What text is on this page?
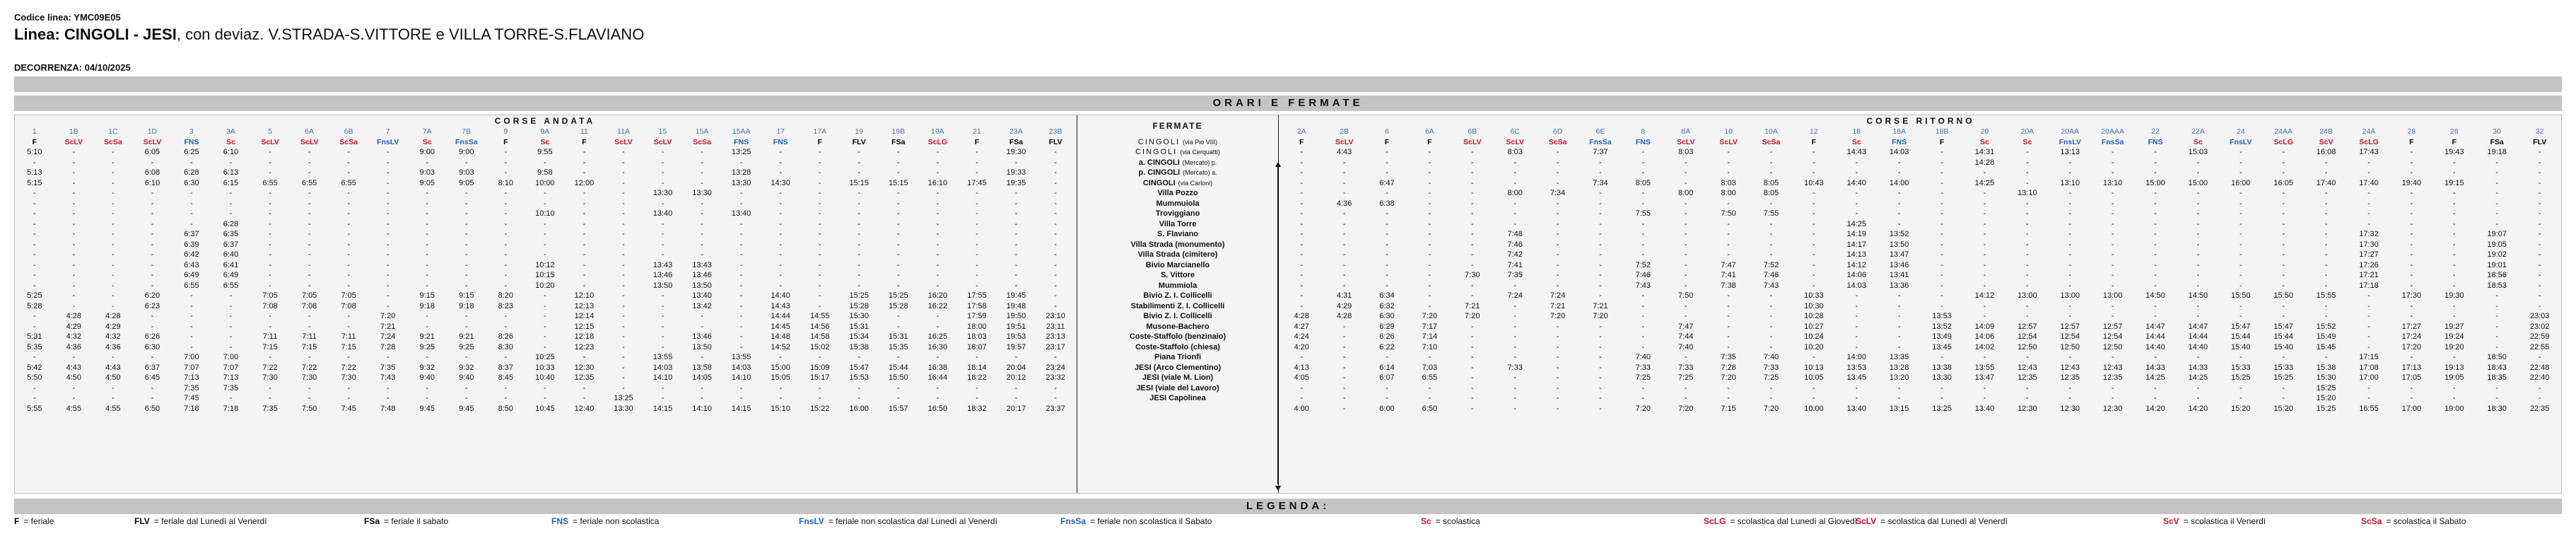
Codice linea: YMC09E05
Linea: CINGOLI - JESI, con deviaz. V.STRADA-S.VITTORE e VILLA TORRE-S.FLAVIANO
DECORRENZA: 04/10/2025
ORARI E FERMATE
CORSE ANDATA																										
1	1B	1C	1D	3	3A	5	6A	6B	7	7A	7B	9	9A	11	11A	15	15A	15AA	17	17A	19	19B	19A	21	23A	23B
F	ScLV	ScSa	ScLV	FNS	Sc	ScLV	ScLV	ScSa	FnsLV	Sc	FnsSa	F	Sc	F	ScLV	ScLV	ScSa	FNS	FNS	F	FLV	FSa	ScLG	F	FSa	FLV
5:10	-	-	6:05	6:25	6:10	-	-	-	-	9:00	9:00	-	9:55	-	-	-	-	13:25	-	-	-	-	-	-	19:30	-
-	-	-	-	-	-	-	-	-	-	-	-	-	-	-	-	-	-	-	-	-	-	-	-	-	-	-
5:13	-	-	6:08	6:28	6:13	-	-	-	-	9:03	9:03	-	9:58	-	-	-	-	13:28	-	-	-	-	-	-	19:33	-
5:15	-	-	6:10	6:30	6:15	6:55	6:55	6:55	-	9:05	9:05	8:10	10:00	12:00	-	-	-	13:30	14:30	-	15:15	15:15	16:10	17:45	19:35	-
-	-	-	-	-	-	-	-	-	-	-	-	-	-	-	-	13:30	13:30	-	-	-	-	-	-	-	-	-
-	-	-	-	-	-	-	-	-	-	-	-	-	-	-	-	-	-	-	-	-	-	-	-	-	-	-
-	-	-	-	-	-	-	-	-	-	-	-	-	10:10	-	-	13:40	-	13:40	-	-	-	-	-	-	-	-
-	-	-	-	-	6:28	-	-	-	-	-	-	-	-	-	-	-	-	-	-	-	-	-	-	-	-	-
-	-	-	-	6:37	6:35	-	-	-	-	-	-	-	-	-	-	-	-	-	-	-	-	-	-	-	-	-
-	-	-	-	6:39	6:37	-	-	-	-	-	-	-	-	-	-	-	-	-	-	-	-	-	-	-	-	-
-	-	-	-	6:42	6:40	-	-	-	-	-	-	-	-	-	-	-	-	-	-	-	-	-	-	-	-	-
-	-	-	-	6:43	6:41	-	-	-	-	-	-	-	10:12	-	-	13:43	13:43	-	-	-	-	-	-	-	-	-
-	-	-	-	6:49	6:49	-	-	-	-	-	-	-	10:15	-	-	13:46	13:46	-	-	-	-	-	-	-	-	-
-	-	-	-	6:55	6:55	-	-	-	-	-	-	-	10:20	-	-	13:50	13:50	-	-	-	-	-	-	-	-	-
5:25	-	-	6:20	-	-	7:05	7:05	7:05	-	9:15	9:15	8:20	-	12:10	-	-	13:40	-	14:40	-	15:25	15:25	16:20	17:55	19:45	-
5:28	-	-	6:23	-	-	7:08	7:08	7:08	-	9:18	9:18	8:23	-	12:13	-	-	13:42	-	14:43	-	15:28	15:28	16:22	17:58	19:48	-
-	4:28	4:28	-	-	-	-	-	-	7:20	-	-	-	-	12:14	-	-	-	-	14:44	14:55	15:30	-	-	17:59	19:50	23:10
-	4:29	4:29	-	-	-	-	-	-	7:21	-	-	-	-	12:15	-	-	-	-	14:45	14:56	15:31	-	-	18:00	19:51	23:11
5:31	4:32	4:32	6:26	-	-	7:11	7:11	7:11	7:24	9:21	9:21	8:26	-	12:18	-	-	13:46	-	14:48	14:58	15:34	15:31	16:25	18:03	19:53	23:13
5:35	4:36	4:36	6:30	-	-	7:15	7:15	7:15	7:28	9:25	9:25	8:30	-	12:23	-	-	13:50	-	14:52	15:02	15:38	15:35	16:30	18:07	19:57	23:17
-	-	-	-	7:00	7:00	-	-	-	-	-	-	-	10:25	-	-	13:55	-	13:55	-	-	-	-	-	-	-	-
5:42	4:43	4:43	6:37	7:07	7:07	7:22	7:22	7:22	7:35	9:32	9:32	8:37	10:33	12:30	-	14:03	13:58	14:03	15:00	15:09	15:47	15:44	16:38	18:14	20:04	23:24
5:50	4:50	4:50	6:45	7:13	7:13	7:30	7:30	7:30	7:43	9:40	9:40	8:45	10:40	12:35	-	14:10	14:05	14:10	15:05	15:17	15:53	15:50	16:44	18:22	20:12	23:32
-	-	-	-	7:35	7:35	-	-	-	-	-	-	-	-	-	-	-	-	-	-	-	-	-	-	-	-	-
-	-	-	-	7:45	-	-	-	-	-	-	-	-	-	-	13:25	-	-	-	-	-	-	-	-	-	-	-
5:55	4:55	4:55	6:50	7:18	7:18	7:35	7:50	7:45	7:48	9:45	9:45	8:50	10:45	12:40	13:30	14:15	14:10	14:15	15:10	15:22	16:00	15:57	16:50	18:32	20:17	23:37
FERMATE
CINGOLI (via Pio VIII)
CINGOLI (via Cerquatti)
a. CINGOLI (Mercato) p.
p. CINGOLI (Mercato) a.
CINGOLI (via Carloni)
Villa Pozzo
Mummuiola
Troviggiano
Villa Torre
S. Flaviano
Villa Strada (monumento)
Villa Strada (cimitero)
Bivio Marcianello
S. Vittore
Mummiola
Bivio Z. I. Collicelli
Stabilimenti Z. I. Collicelli
Bivio Z. I. Collicelli
Musone-Bachero
Coste-Staffolo (benzinaio)
Coste-Staffolo (chiesa)
Piana Trionfi
JESI (Arco Clementino)
JESI (viale M. Lion)
JESI (viale del Lavoro)
JESI Capolinea
CORSE RITORNO																													
2A	2B	6	6A	6B	6C	6D	6E	8	8A	10	10A	12	18	18A	18B	20	20A	20AA	20AAA	22	22A	24	24AA	24B	24A	28	28	30	32
F	ScLV	F	F	ScLV	ScLV	ScSa	FnsSa	FNS	ScLV	ScLV	ScSa	F	Sc	FNS	F	Sc	Sc	FnsLV	FnsSa	FNS	Sc	FnsLV	ScLG	ScV	ScLG	F	F	FSa	FLV
-	4:43	-	-	-	8:03	-	7:37	-	8:03	-	-	-	14:43	14:03	-	14:31	-	13:13	-	-	15:03	-	-	16:08	17:43	-	19:43	19:18	-
-	-	-	-	-	-	-	-	-	-	-	-	-	-	-	-	14:28	-	-	-	-	-	-	-	-	-	-	-	-	-
-	-	-	-	-	-	-	-	-	-	-	-	-	-	-	-	-	-	-	-	-	-	-	-	-	-	-	-	-	-
-	-	6:47	-	-	-	-	7:34	8:05	-	8:03	8:05	10:43	14:40	14:00	-	14:25	-	13:10	13:10	15:00	15:00	16:00	16:05	17:40	17:40	19:40	19:15	-	-
-	-	-	-	-	8:00	7:34	-	-	8:00	8:00	8:05	-	-	-	-	-	13:10	-	-	-	-	-	-	-	-	-	-	-	-
-	4:36	6:38	-	-	-	-	-	-	-	-	-	-	-	-	-	-	-	-	-	-	-	-	-	-	-	-	-	-	-
-	-	-	-	-	-	-	-	7:55	-	7:50	7:55	-	-	-	-	-	-	-	-	-	-	-	-	-	-	-	-	-	-
-	-	-	-	-	-	-	-	-	-	-	-	-	14:25	-	-	-	-	-	-	-	-	-	-	-	-	-	-	-	-
-	-	-	-	-	7:48	-	-	-	-	-	-	-	14:19	13:52	-	-	-	-	-	-	-	-	-	-	17:32	-	-	19:07	-
-	-	-	-	-	7:46	-	-	-	-	-	-	-	14:17	13:50	-	-	-	-	-	-	-	-	-	-	17:30	-	-	19:05	-
-	-	-	-	-	7:42	-	-	-	-	-	-	-	14:13	13:47	-	-	-	-	-	-	-	-	-	-	17:27	-	-	19:02	-
-	-	-	-	-	7:41	-	-	7:52	-	7:47	7:52	-	14:12	13:46	-	-	-	-	-	-	-	-	-	-	17:26	-	-	19:01	-
-	-	-	-	7:30	7:35	-	-	7:46	-	7:41	7:46	-	14:06	13:41	-	-	-	-	-	-	-	-	-	-	17:21	-	-	18:56	-
-	-	-	-	-	-	-	-	7:43	-	7:38	7:43	-	14:03	13:36	-	-	-	-	-	-	-	-	-	-	17:18	-	-	18:53	-
-	4:31	6:34	-	-	7:24	7:24	-	-	7:50	-	-	10:33	-	-	-	14:12	13:00	13:00	13:00	14:50	14:50	15:50	15:50	15:55	-	17:30	19:30	-	-
-	4:29	6:32	-	7:21	-	7:21	7:21	-	-	-	-	10:30	-	-	-	-	-	-	-	-	-	-	-	-	-	-	-	-	-
4:28	4:28	6:30	7:20	7:20	-	7:20	7:20	-	-	-	-	10:28	-	-	13:53	-	-	-	-	-	-	-	-	-	-	-	-	-	23:03
4:27	-	6:29	7:17	-	-	-	-	-	7:47	-	-	10:27	-	-	13:52	14:09	12:57	12:57	12:57	14:47	14:47	15:47	15:47	15:52	-	17:27	19:27	-	23:02
4:24	-	6:26	7:14	-	-	-	-	-	7:44	-	-	10:24	-	-	13:49	14:06	12:54	12:54	12:54	14:44	14:44	15:44	15:44	15:49	-	17:24	19:24	-	22:59
4:20	-	6:22	7:10	-	-	-	-	-	7:40	-	-	10:20	-	-	13:45	14:02	12:50	12:50	12:50	14:40	14:40	15:40	15:40	15:45	-	17:20	19:20	-	22:55
-	-	-	-	-	-	-	-	7:40	-	7:35	7:40	-	14:00	13:35	-	-	-	-	-	-	-	-	-	-	17:15	-	-	18:50	-
4:13	-	6:14	7:03	-	7:33	-	-	7:33	7:33	7:28	7:33	10:13	13:53	13:28	13:38	13:55	12:43	12:43	12:43	14:33	14:33	15:33	15:33	15:38	17:08	17:13	19:13	18:43	22:48
4:05	-	6:07	6:55	-	-	-	-	7:25	7:25	7:20	7:25	10:05	13:45	13:20	13:30	13:47	12:35	12:35	12:35	14:25	14:25	15:25	15:25	15:30	17:00	17:05	19:05	18:35	22:40
-	-	-	-	-	-	-	-	-	-	-	-	-	-	-	-	-	-	-	-	-	-	-	-	15:25	-	-	-	-	-
-	-	-	-	-	-	-	-	-	-	-	-	-	-	-	-	-	-	-	-	-	-	-	-	15:20	-	-	-	-	-
4:00	-	6:00	6:50	-	-	-	-	7:20	7:20	7:15	7:20	10:00	13:40	13:15	13:25	13:40	12:30	12:30	12:30	14:20	14:20	15:20	15:20	15:25	16:55	17:00	19:00	18:30	22:35
LEGENDA:
F = feriale	FLV = feriale dal Lunedì al Venerdì	FSa = feriale il sabato	FNS = feriale non scolastica	FnsLV = feriale non scolastica dal Lunedì al Venerdì	FnsSa = feriale non scolastica il Sabato	Sc = scolastica	ScLG = scolastica dal Lunedì al Giovedì
ScLV = scolastica dal Lunedì al Venerdì	ScV = scolastica il Venerdì	ScSa = scolastica il Sabato
